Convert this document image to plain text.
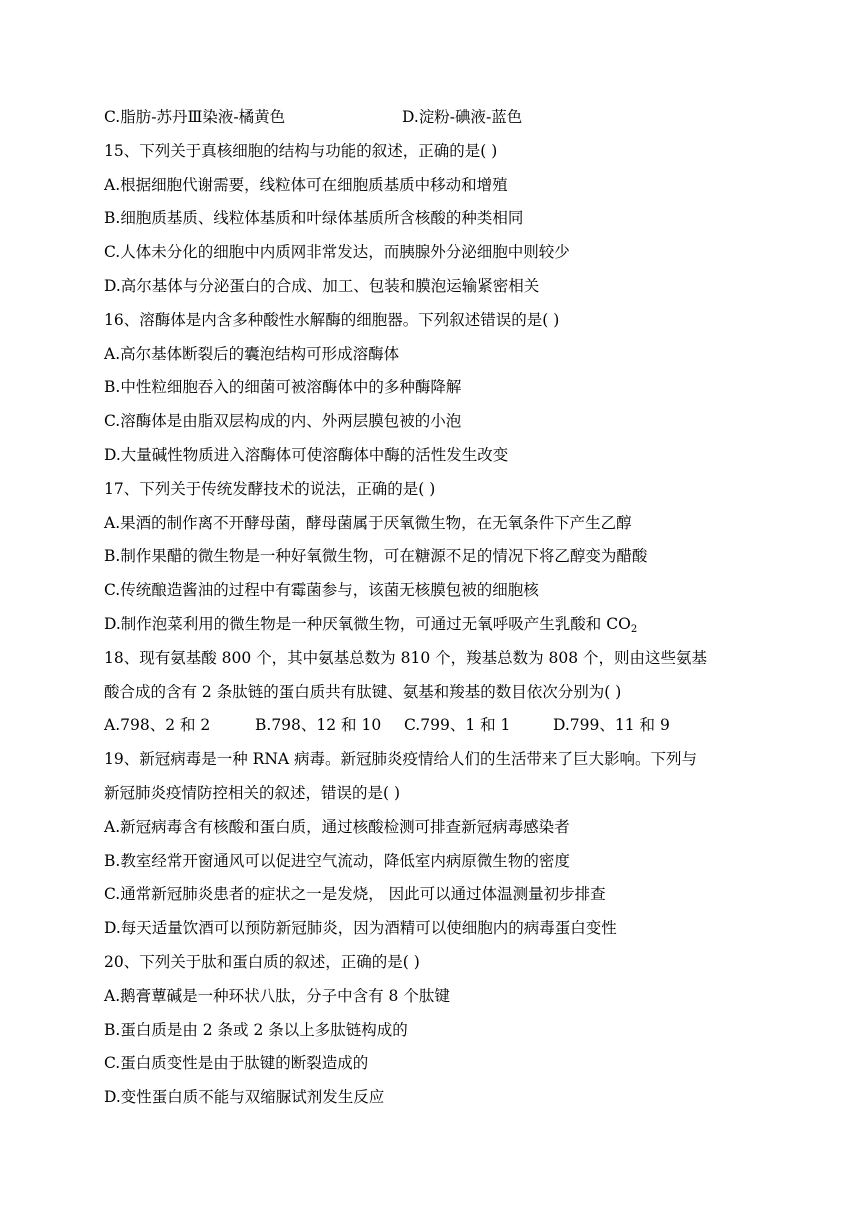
C.脂肪-苏丹Ⅲ染液-橘黄色	D.淀粉-碘液-蓝色
15、下列关于真核细胞的结构与功能的叙述，正确的是( )
A.根据细胞代谢需要，线粒体可在细胞质基质中移动和增殖
B.细胞质基质、线粒体基质和叶绿体基质所含核酸的种类相同
C.人体未分化的细胞中内质网非常发达，而胰腺外分泌细胞中则较少
D.高尔基体与分泌蛋白的合成、加工、包装和膜泡运输紧密相关
16、溶酶体是内含多种酸性水解酶的细胞器。下列叙述错误的是( )
A.高尔基体断裂后的囊泡结构可形成溶酶体
B.中性粒细胞吞入的细菌可被溶酶体中的多种酶降解
C.溶酶体是由脂双层构成的内、外两层膜包被的小泡
D.大量碱性物质进入溶酶体可使溶酶体中酶的活性发生改变
17、下列关于传统发酵技术的说法，正确的是( )
A.果酒的制作离不开酵母菌，酵母菌属于厌氧微生物，在无氧条件下产生乙醇
B.制作果醋的微生物是一种好氧微生物，可在糖源不足的情况下将乙醇变为醋酸
C.传统酿造酱油的过程中有霉菌参与，该菌无核膜包被的细胞核
D.制作泡菜利用的微生物是一种厌氧微生物，可通过无氧呼吸产生乳酸和 $CO_2$
18、现有氨基酸 800 个，其中氨基总数为 810 个，羧基总数为 808 个，则由这些氨基
酸合成的含有 2 条肽链的蛋白质共有肽键、氨基和羧基的数目依次分别为( )
A.798、2 和 2	B.798、12 和 10	C.799、1 和 1	D.799、11 和 9
19、新冠病毒是一种 RNA 病毒。新冠肺炎疫情给人们的生活带来了巨大影响。下列与
新冠肺炎疫情防控相关的叙述，错误的是( )
A.新冠病毒含有核酸和蛋白质，通过核酸检测可排查新冠病毒感染者
B.教室经常开窗通风可以促进空气流动，降低室内病原微生物的密度
C.通常新冠肺炎患者的症状之一是发烧， 因此可以通过体温测量初步排查
D.每天适量饮酒可以预防新冠肺炎，因为酒精可以使细胞内的病毒蛋白变性
20、下列关于肽和蛋白质的叙述，正确的是( )
A.鹅膏蕈碱是一种环状八肽，分子中含有 8 个肽键
B.蛋白质是由 2 条或 2 条以上多肽链构成的
C.蛋白质变性是由于肽键的断裂造成的
D.变性蛋白质不能与双缩脲试剂发生反应
